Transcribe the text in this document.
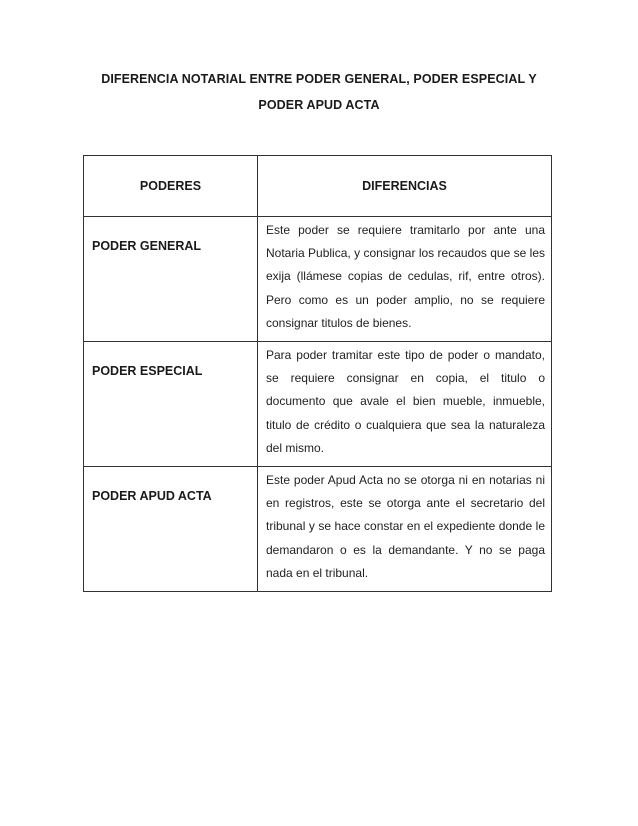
DIFERENCIA NOTARIAL ENTRE PODER GENERAL, PODER ESPECIAL Y
PODER APUD ACTA
PODERES	DIFERENCIAS

PODER GENERAL	Este poder se requiere tramitarlo por ante una Notaria Publica, y consignar los recaudos que se les exija (llámese copias de cedulas, rif, entre otros). Pero como es un poder amplio, no se requiere consignar titulos de bienes.

PODER ESPECIAL	Para poder tramitar este tipo de poder o mandato, se requiere consignar en copia, el titulo o documento que avale el bien mueble, inmueble, titulo de crédito o cualquiera que sea la naturaleza del mismo.

PODER APUD ACTA	Este poder Apud Acta no se otorga ni en notarias ni en registros, este se otorga ante el secretario del tribunal y se hace constar en el expediente donde le demandaron o es la demandante. Y no se paga nada en el tribunal.
